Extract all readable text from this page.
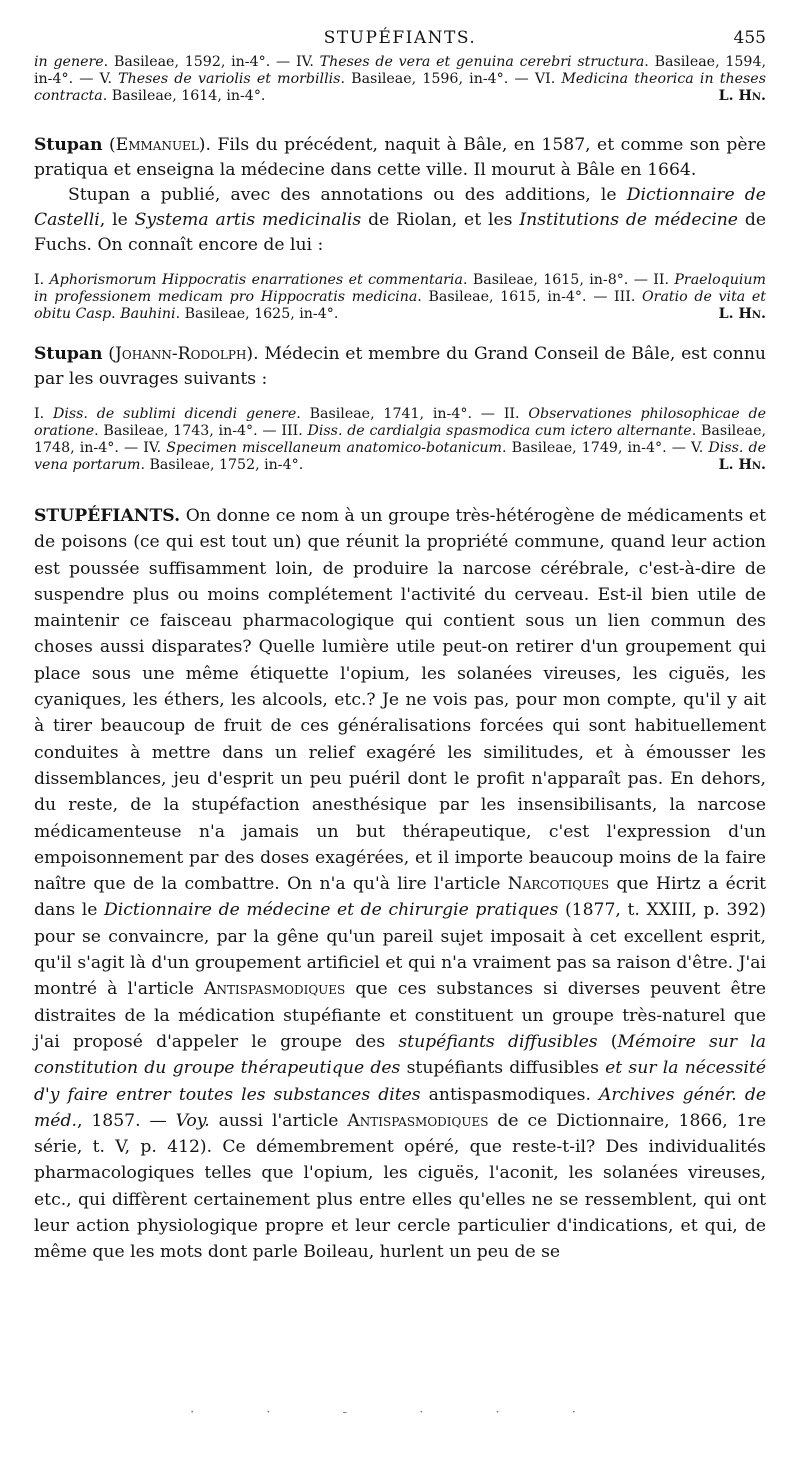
STUPÉFIANTS.	455

in genere. Basileae, 1592, in-4°. — IV. Theses de vera et genuina cerebri structura. Basileae, 1594, in-4°. — V. Theses de variolis et morbillis. Basileae, 1596, in-4°. — VI. Medicina theorica in theses contracta. Basileae, 1614, in-4°.	L. Hn.

Stupan (Emmanuel). Fils du précédent, naquit à Bâle, en 1587, et comme son père pratiqua et enseigna la médecine dans cette ville. Il mourut à Bâle en 1664.

Stupan a publié, avec des annotations ou des additions, le Dictionnaire de Castelli, le Systema artis medicinalis de Riolan, et les Institutions de médecine de Fuchs. On connaît encore de lui :

I. Aphorismorum Hippocratis enarrationes et commentaria. Basileae, 1615, in-8°. — II. Praeloquium in professionem medicam pro Hippocratis medicina. Basileae, 1615, in-4°. — III. Oratio de vita et obitu Casp. Bauhini. Basileae, 1625, in-4°.	L. Hn.

Stupan (Johann-Rodolph). Médecin et membre du Grand Conseil de Bâle, est connu par les ouvrages suivants :

I. Diss. de sublimi dicendi genere. Basileae, 1741, in-4°. — II. Observationes philosophicae de oratione. Basileae, 1743, in-4°. — III. Diss. de cardialgia spasmodica cum ictero alternante. Basileae, 1748, in-4°. — IV. Specimen miscellaneum anatomico-botanicum. Basileae, 1749, in-4°. — V. Diss. de vena portarum. Basileae, 1752, in-4°.	L. Hn.

STUPÉFIANTS. On donne ce nom à un groupe très-hétérogène de médicaments et de poisons (ce qui est tout un) que réunit la propriété commune, quand leur action est poussée suffisamment loin, de produire la narcose cérébrale, c'est-à-dire de suspendre plus ou moins complétement l'activité du cerveau. Est-il bien utile de maintenir ce faisceau pharmacologique qui contient sous un lien commun des choses aussi disparates? Quelle lumière utile peut-on retirer d'un groupement qui place sous une même étiquette l'opium, les solanées vireuses, les ciguës, les cyaniques, les éthers, les alcools, etc.? Je ne vois pas, pour mon compte, qu'il y ait à tirer beaucoup de fruit de ces généralisations forcées qui sont habituellement conduites à mettre dans un relief exagéré les similitudes, et à émousser les dissemblances, jeu d'esprit un peu puéril dont le profit n'apparaît pas. En dehors, du reste, de la stupéfaction anesthésique par les insensibilisants, la narcose médicamenteuse n'a jamais un but thérapeutique, c'est l'expression d'un empoisonnement par des doses exagérées, et il importe beaucoup moins de la faire naître que de la combattre. On n'a qu'à lire l'article Narcotiques que Hirtz a écrit dans le Dictionnaire de médecine et de chirurgie pratiques (1877, t. XXIII, p. 392) pour se convaincre, par la gêne qu'un pareil sujet imposait à cet excellent esprit, qu'il s'agit là d'un groupement artificiel et qui n'a vraiment pas sa raison d'être. J'ai montré à l'article Antispasmodiques que ces substances si diverses peuvent être distraites de la médication stupéfiante et constituent un groupe très-naturel que j'ai proposé d'appeler le groupe des stupéfiants diffusibles (Mémoire sur la constitution du groupe thérapeutique des stupéfiants diffusibles et sur la nécessité d'y faire entrer toutes les substances dites antispasmodiques. Archives génér. de méd., 1857. — Voy. aussi l'article Antispasmodiques de ce Dictionnaire, 1866, 1re série, t. V, p. 412). Ce démembrement opéré, que reste-t-il? Des individualités pharmacologiques telles que l'opium, les ciguës, l'aconit, les solanées vireuses, etc., qui diffèrent certainement plus entre elles qu'elles ne se ressemblent, qui ont leur action physiologique propre et leur cercle particulier d'indications, et qui, de même que les mots dont parle Boileau, hurlent un peu de se

· · - · · ·
